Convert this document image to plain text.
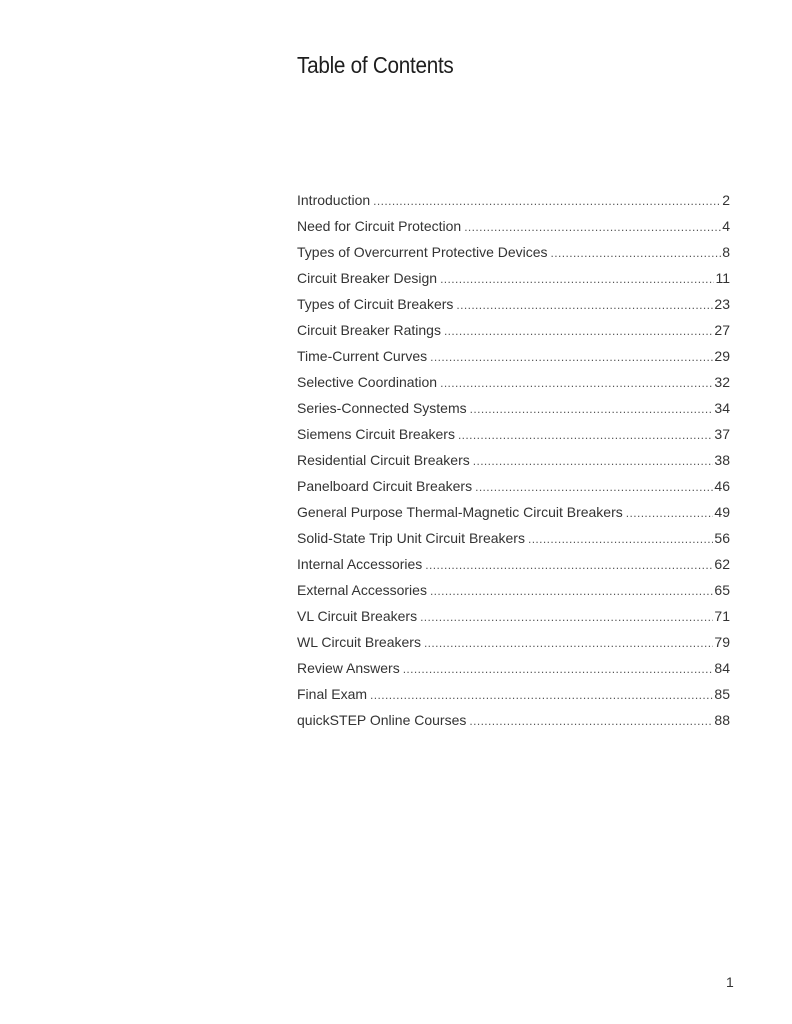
Table of Contents
Introduction .....	2
Need for Circuit Protection .....	4
Types of Overcurrent Protective Devices .....	8
Circuit Breaker Design .....	11
Types of Circuit Breakers .....	23
Circuit Breaker Ratings .....	27
Time-Current Curves .....	29
Selective Coordination .....	32
Series-Connected Systems .....	34
Siemens Circuit Breakers .....	37
Residential Circuit Breakers .....	38
Panelboard Circuit Breakers .....	46
General Purpose Thermal-Magnetic Circuit Breakers .....	49
Solid-State Trip Unit Circuit Breakers .....	56
Internal Accessories .....	62
External Accessories .....	65
VL Circuit Breakers .....	71
WL Circuit Breakers .....	79
Review Answers .....	84
Final Exam .....	85
quickSTEP Online Courses .....	88
1
